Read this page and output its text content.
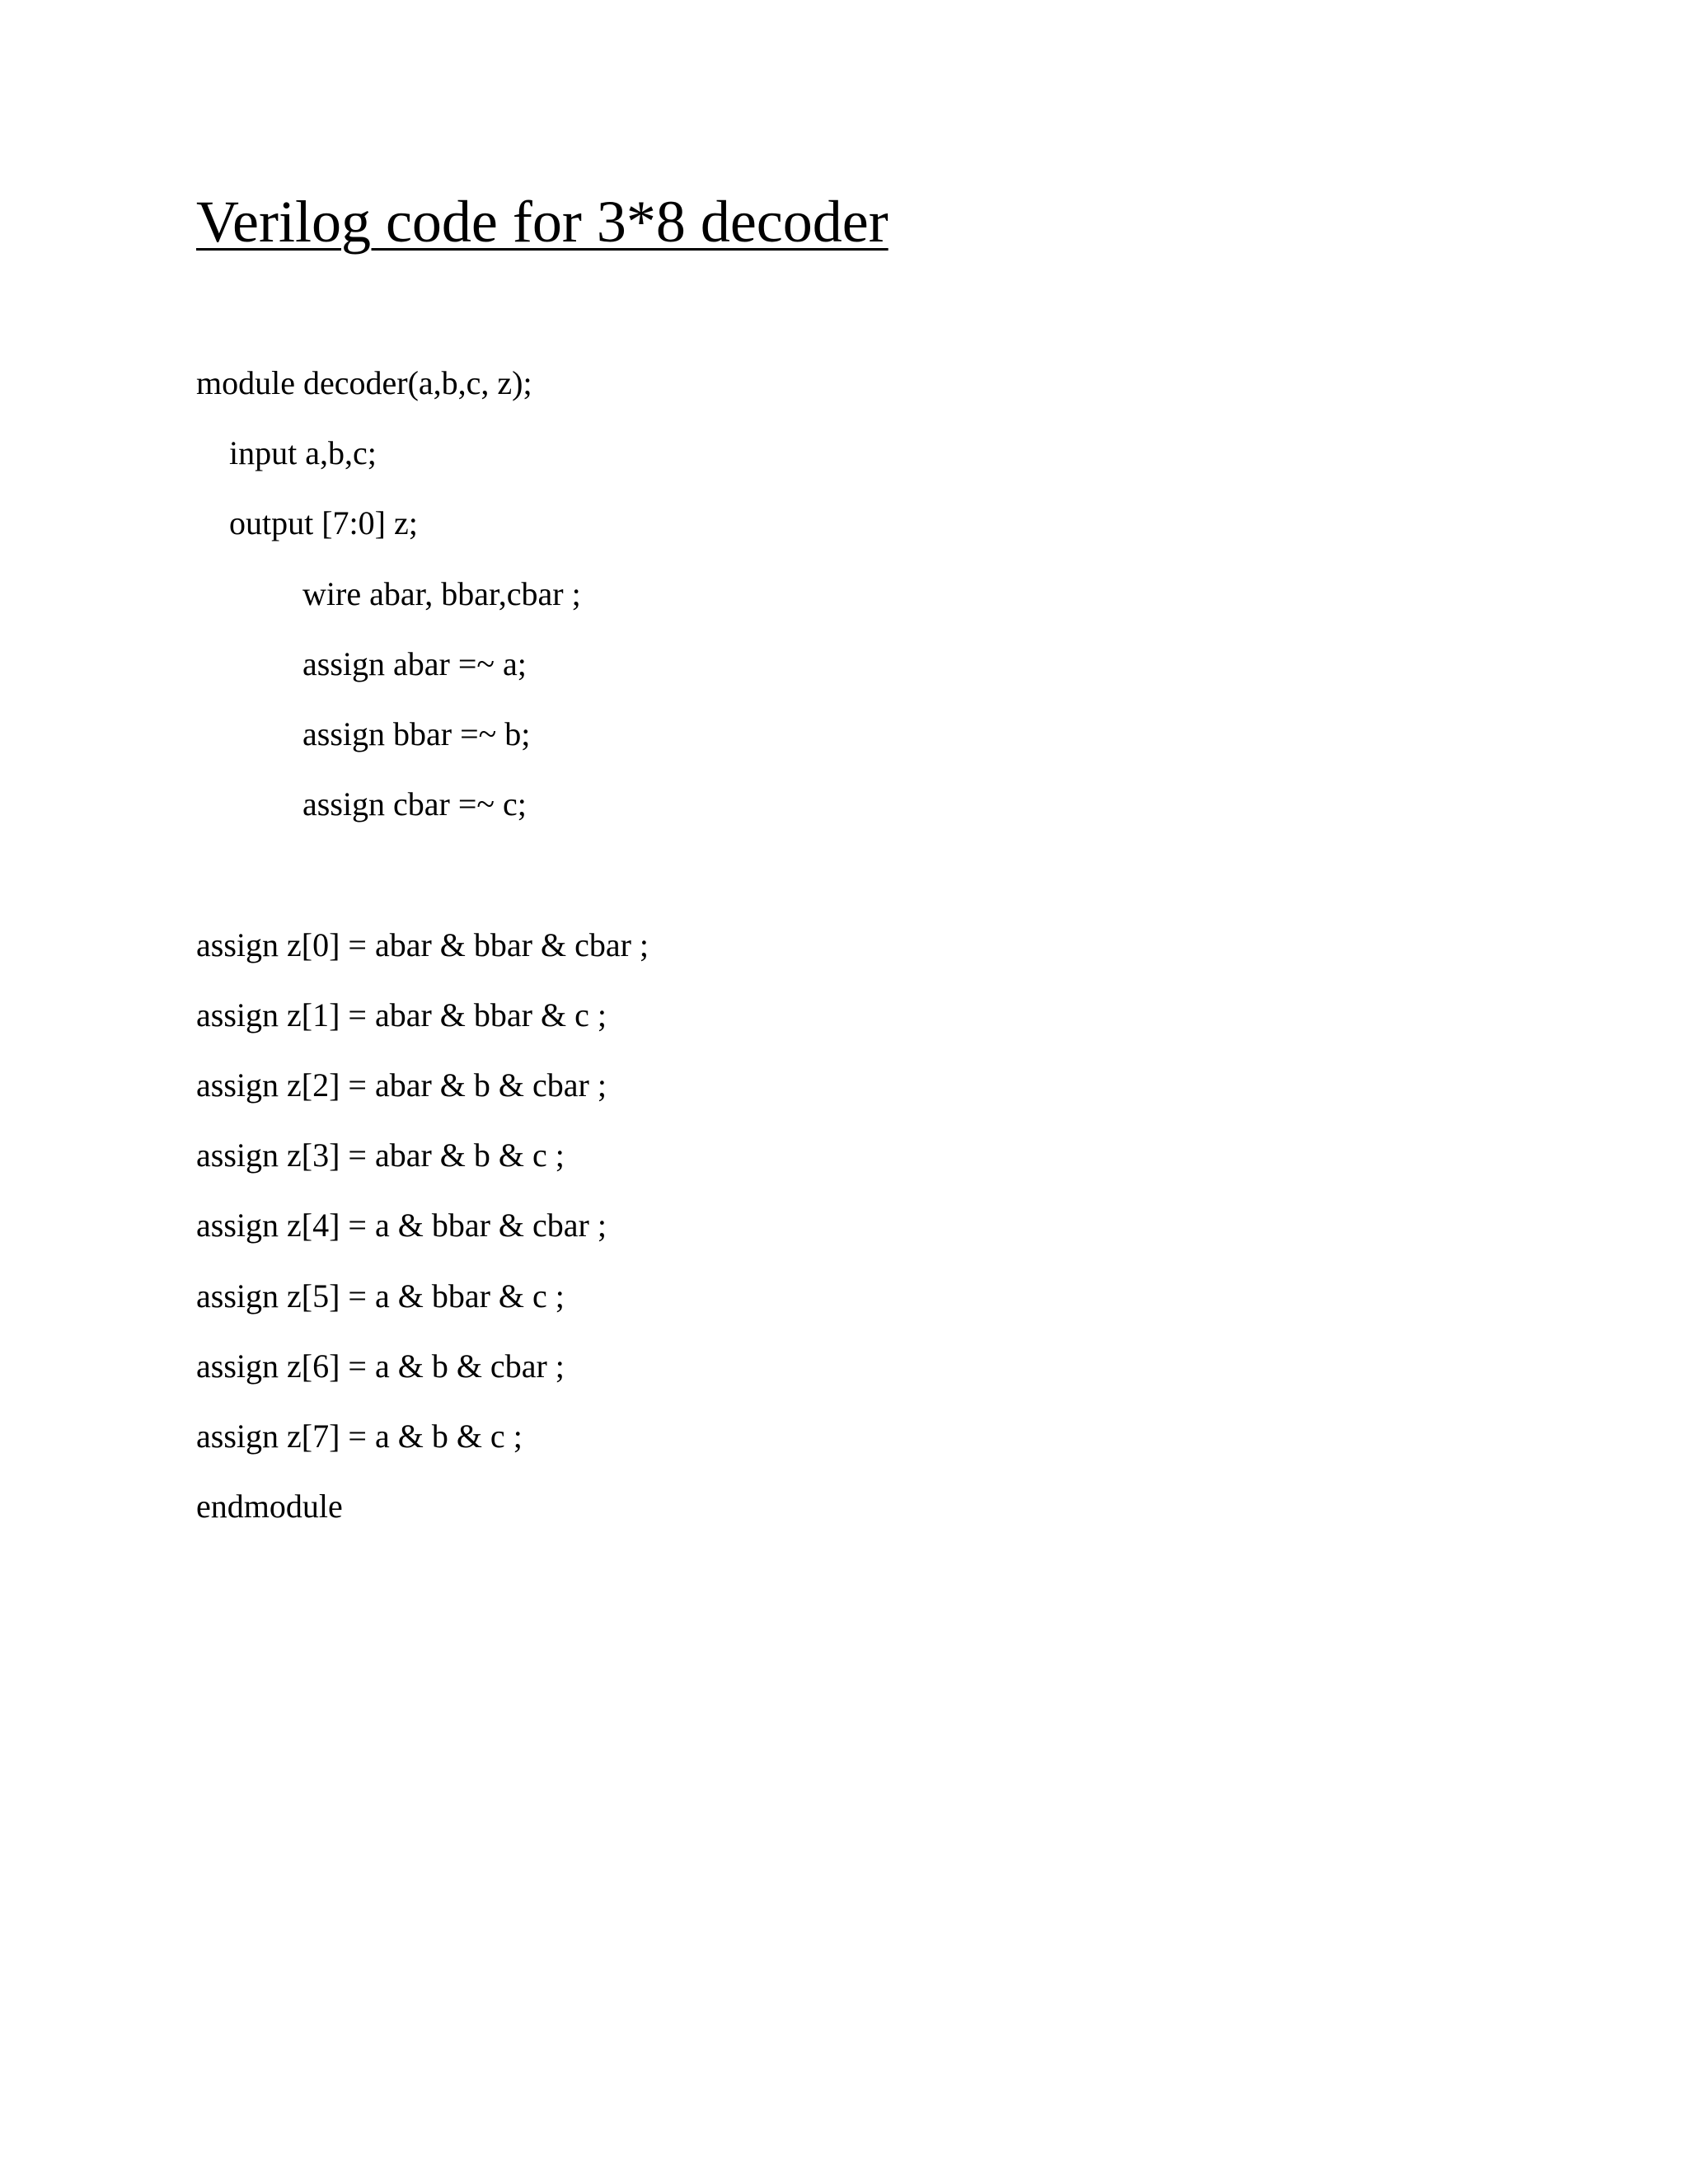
Verilog code for 3*8 decoder

module decoder(a,b,c, z);

input a,b,c;

output [7:0] z;

wire abar, bbar,cbar ;

assign abar =~ a;

assign bbar =~ b;

assign cbar =~ c;

assign z[0] = abar & bbar & cbar ;

assign z[1] = abar & bbar & c ;

assign z[2] = abar & b & cbar ;

assign z[3] = abar & b & c ;

assign z[4] = a & bbar & cbar ;

assign z[5] = a & bbar & c ;

assign z[6] = a & b & cbar ;

assign z[7] = a & b & c ;

endmodule
